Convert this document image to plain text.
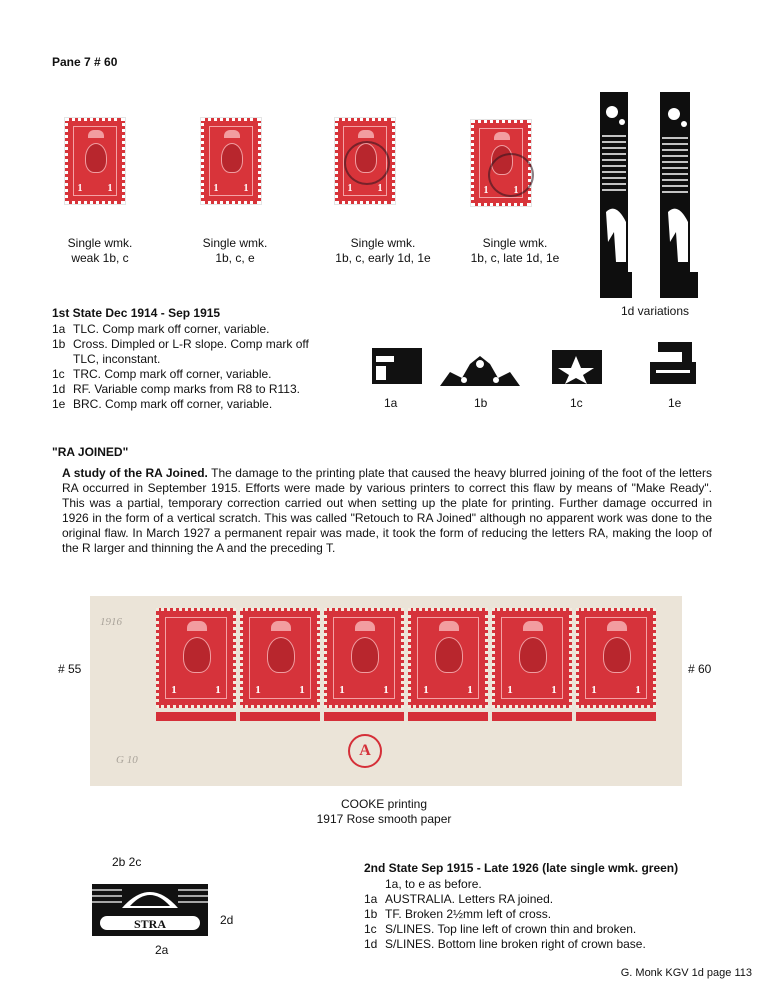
Pane 7 # 60
1	1	1	1	1	1	1	1
Single wmk.
weak 1b, c
Single wmk.
1b, c, e
Single wmk.
1b, c, early 1d, 1e
Single wmk.
1b, c, late 1d, 1e
1d variations
1st State Dec 1914 - Sep 1915
1a TLC. Comp mark off corner, variable.
1b Cross. Dimpled or L-R slope. Comp mark off TLC, inconstant.
1c TRC. Comp mark off corner, variable.
1d RF. Variable comp marks from R8 to R113.
1e BRC. Comp mark off corner, variable.	1a	1b	1c	1e
"RA JOINED"
A study of the RA Joined. The damage to the printing plate that caused the heavy blurred joining of the foot of the letters RA occurred in September 1915. Efforts were made by various printers to correct this flaw by means of "Make Ready". This was a partial, temporary correction carried out when setting up the plate for printing. Further damage occurred in 1926 in the form of a vertical scratch. This was called "Retouch to RA Joined" although no apparent work was done to the original flaw. In March 1927 a permanent repair was made, it took the form of reducing the letters RA, making the loop of the R larger and thinning the A and the preceding T.
# 55	# 60
1916
G 10
1	1	1	1	1	1	1	1	1	1	1	1
A
COOKE printing
1917 Rose smooth paper
2b 2c
STRA	2d
2a
2nd State Sep 1915 - Late 1926 (late single wmk. green)
1a, to e as before.
1a AUSTRALIA. Letters RA joined.
1b TF. Broken 2½mm left of cross.
1c S/LINES. Top line left of crown thin and broken.
1d S/LINES. Bottom line broken right of crown base.
G. Monk KGV 1d page 113
